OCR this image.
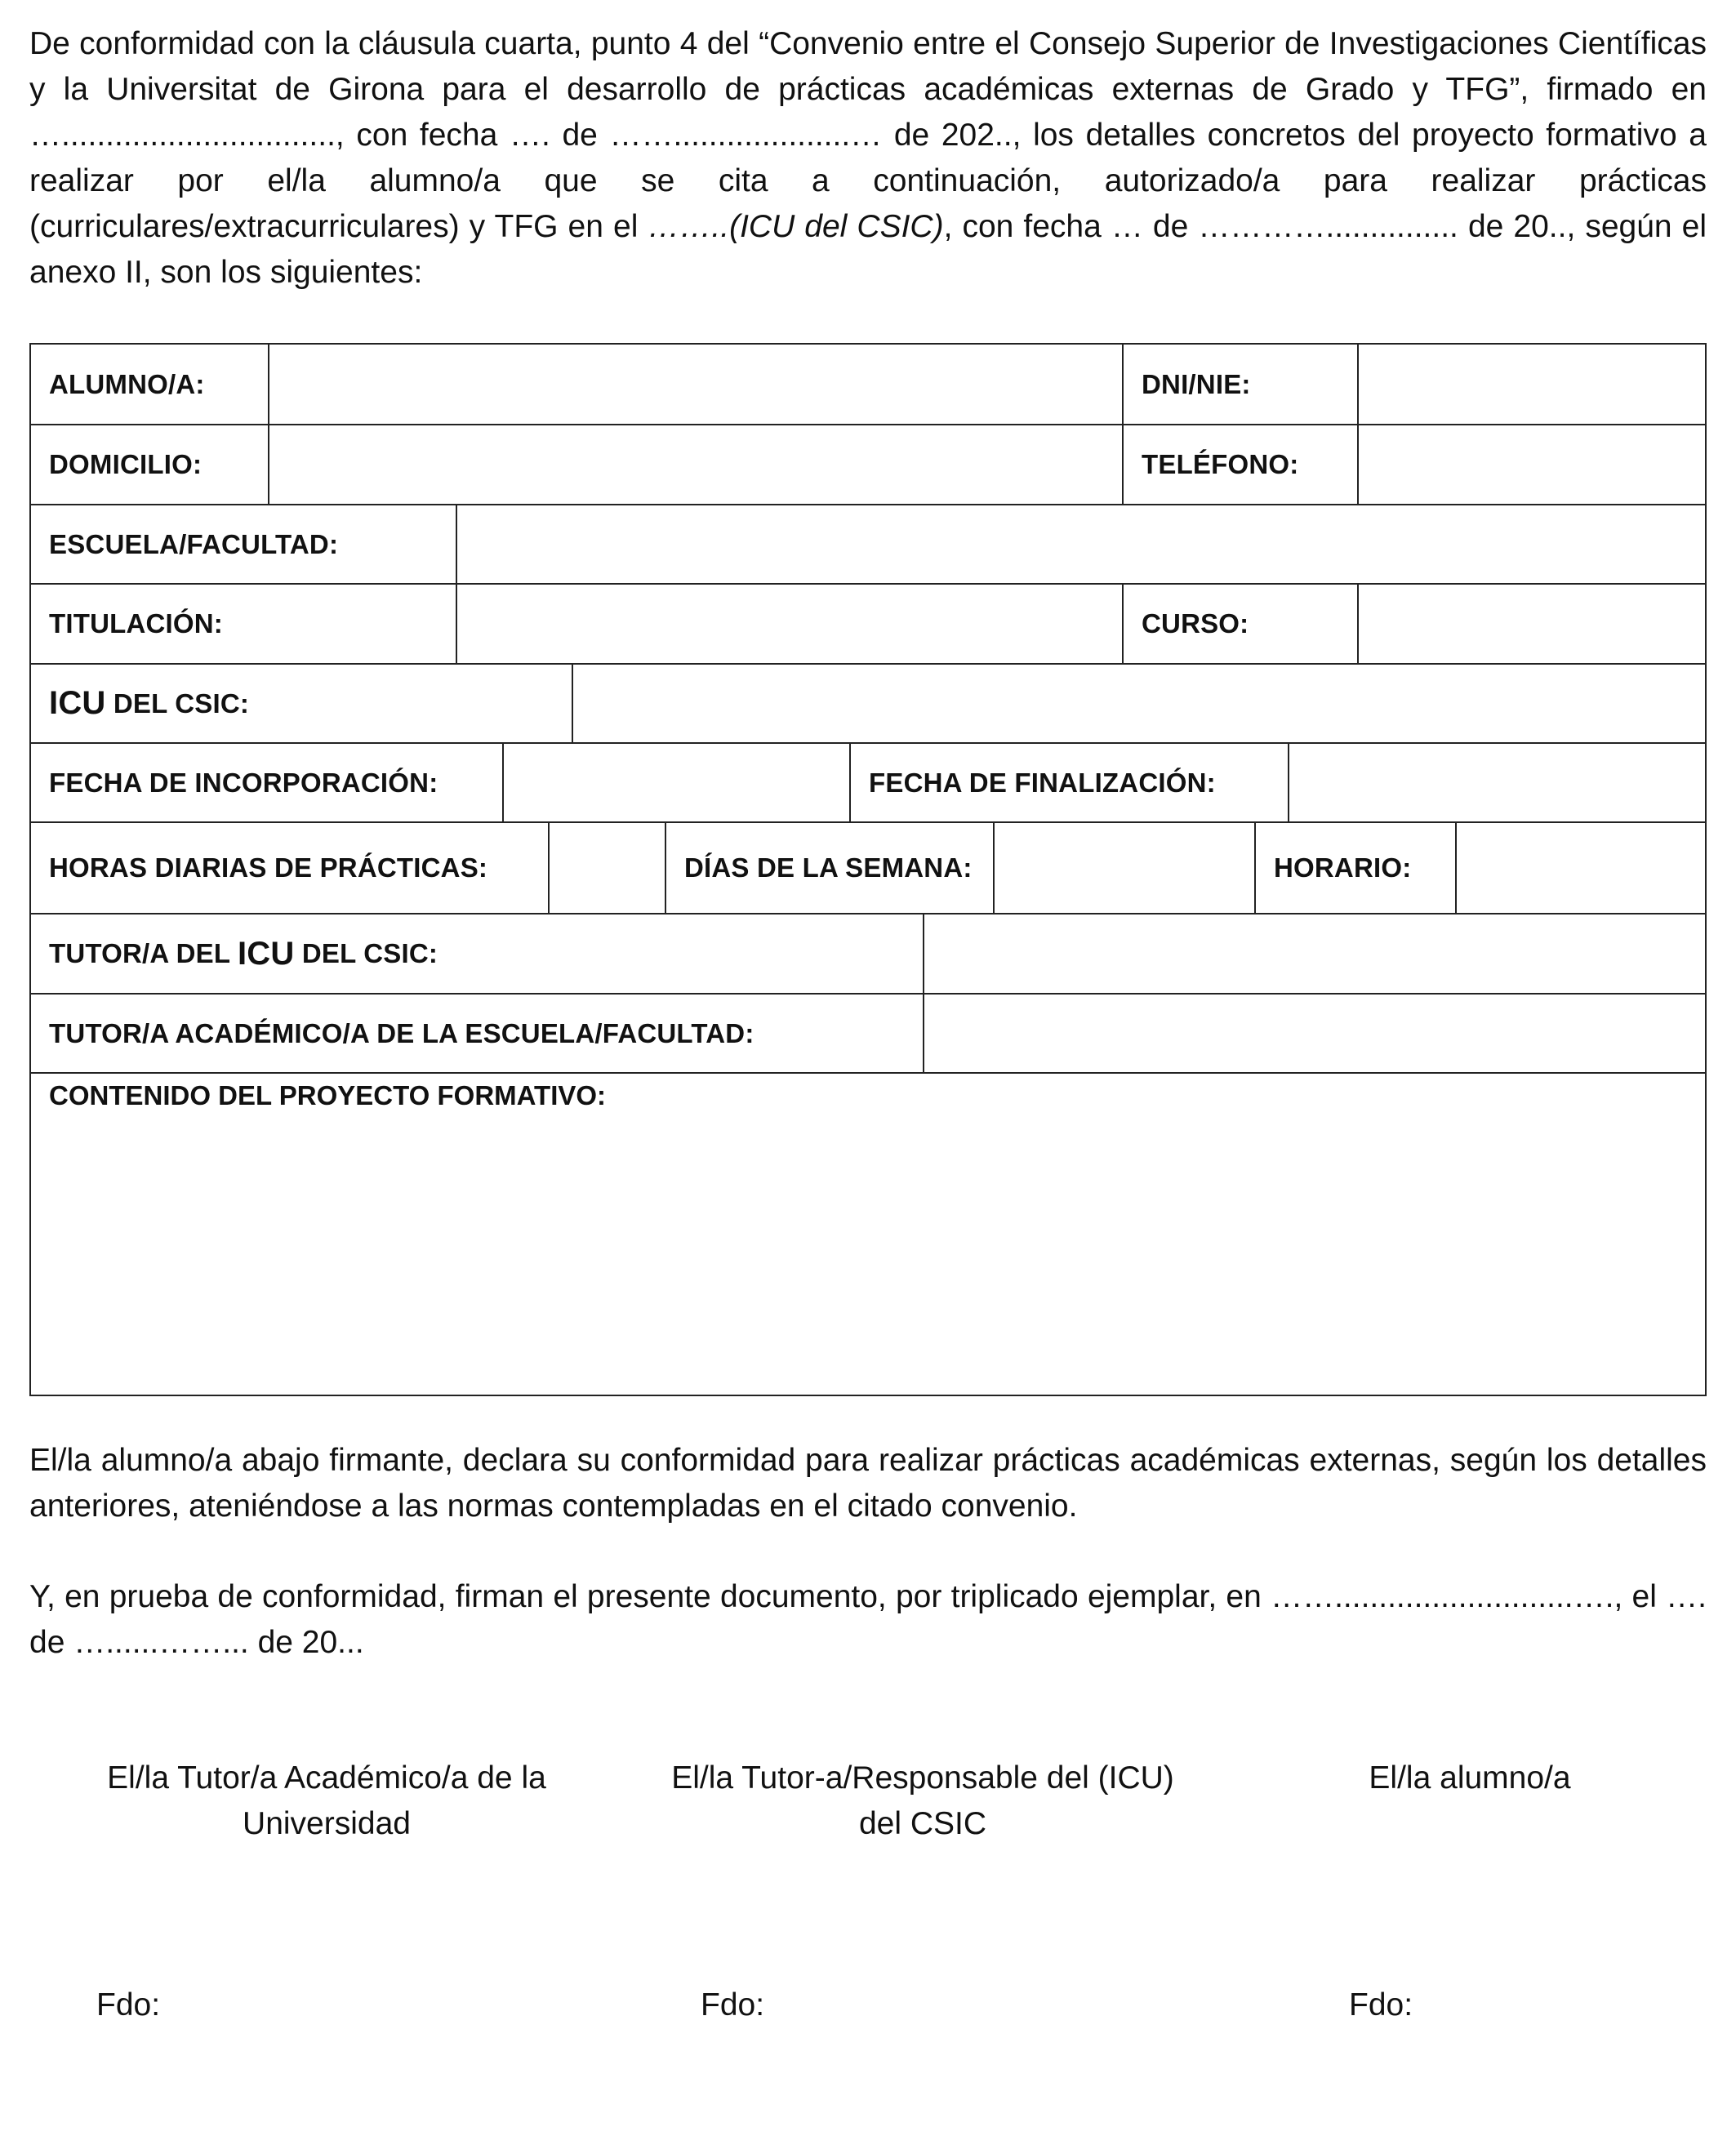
De conformidad con la cláusula cuarta, punto 4 del “Convenio entre el Consejo Superior de Investigaciones Científicas y la Universitat de Girona para el desarrollo de prácticas académicas externas de Grado y TFG”, firmado en …..............................., con fecha …. de ……....................… de 202.., los detalles concretos del proyecto formativo a realizar por el/la alumno/a que se cita a continuación, autorizado/a para realizar prácticas (curriculares/extracurriculares) y TFG en el ……..(ICU del CSIC), con fecha … de …………............... de 20.., según el anexo II, son los siguientes:

ALUMNO/A:	DNI/NIE:
DOMICILIO:	TELÉFONO:
ESCUELA/FACULTAD:
TITULACIÓN:	CURSO:
ICU DEL CSIC:
FECHA DE INCORPORACIÓN:	FECHA DE FINALIZACIÓN:
HORAS DIARIAS DE PRÁCTICAS:	DÍAS DE LA SEMANA:	HORARIO:
TUTOR/A DEL ICU DEL CSIC:
TUTOR/A ACADÉMICO/A DE LA ESCUELA/FACULTAD:
CONTENIDO DEL PROYECTO FORMATIVO:

El/la alumno/a abajo firmante, declara su conformidad para realizar prácticas académicas externas, según los detalles anteriores, ateniéndose a las normas contempladas en el citado convenio.

Y, en prueba de conformidad, firman el presente documento, por triplicado ejemplar, en ……...........................…., el …. de …......……... de 20...

El/la Tutor/a Académico/a de la
Universidad
El/la Tutor-a/Responsable del (ICU)
del CSIC
El/la alumno/a
Fdo:	Fdo:	Fdo:
